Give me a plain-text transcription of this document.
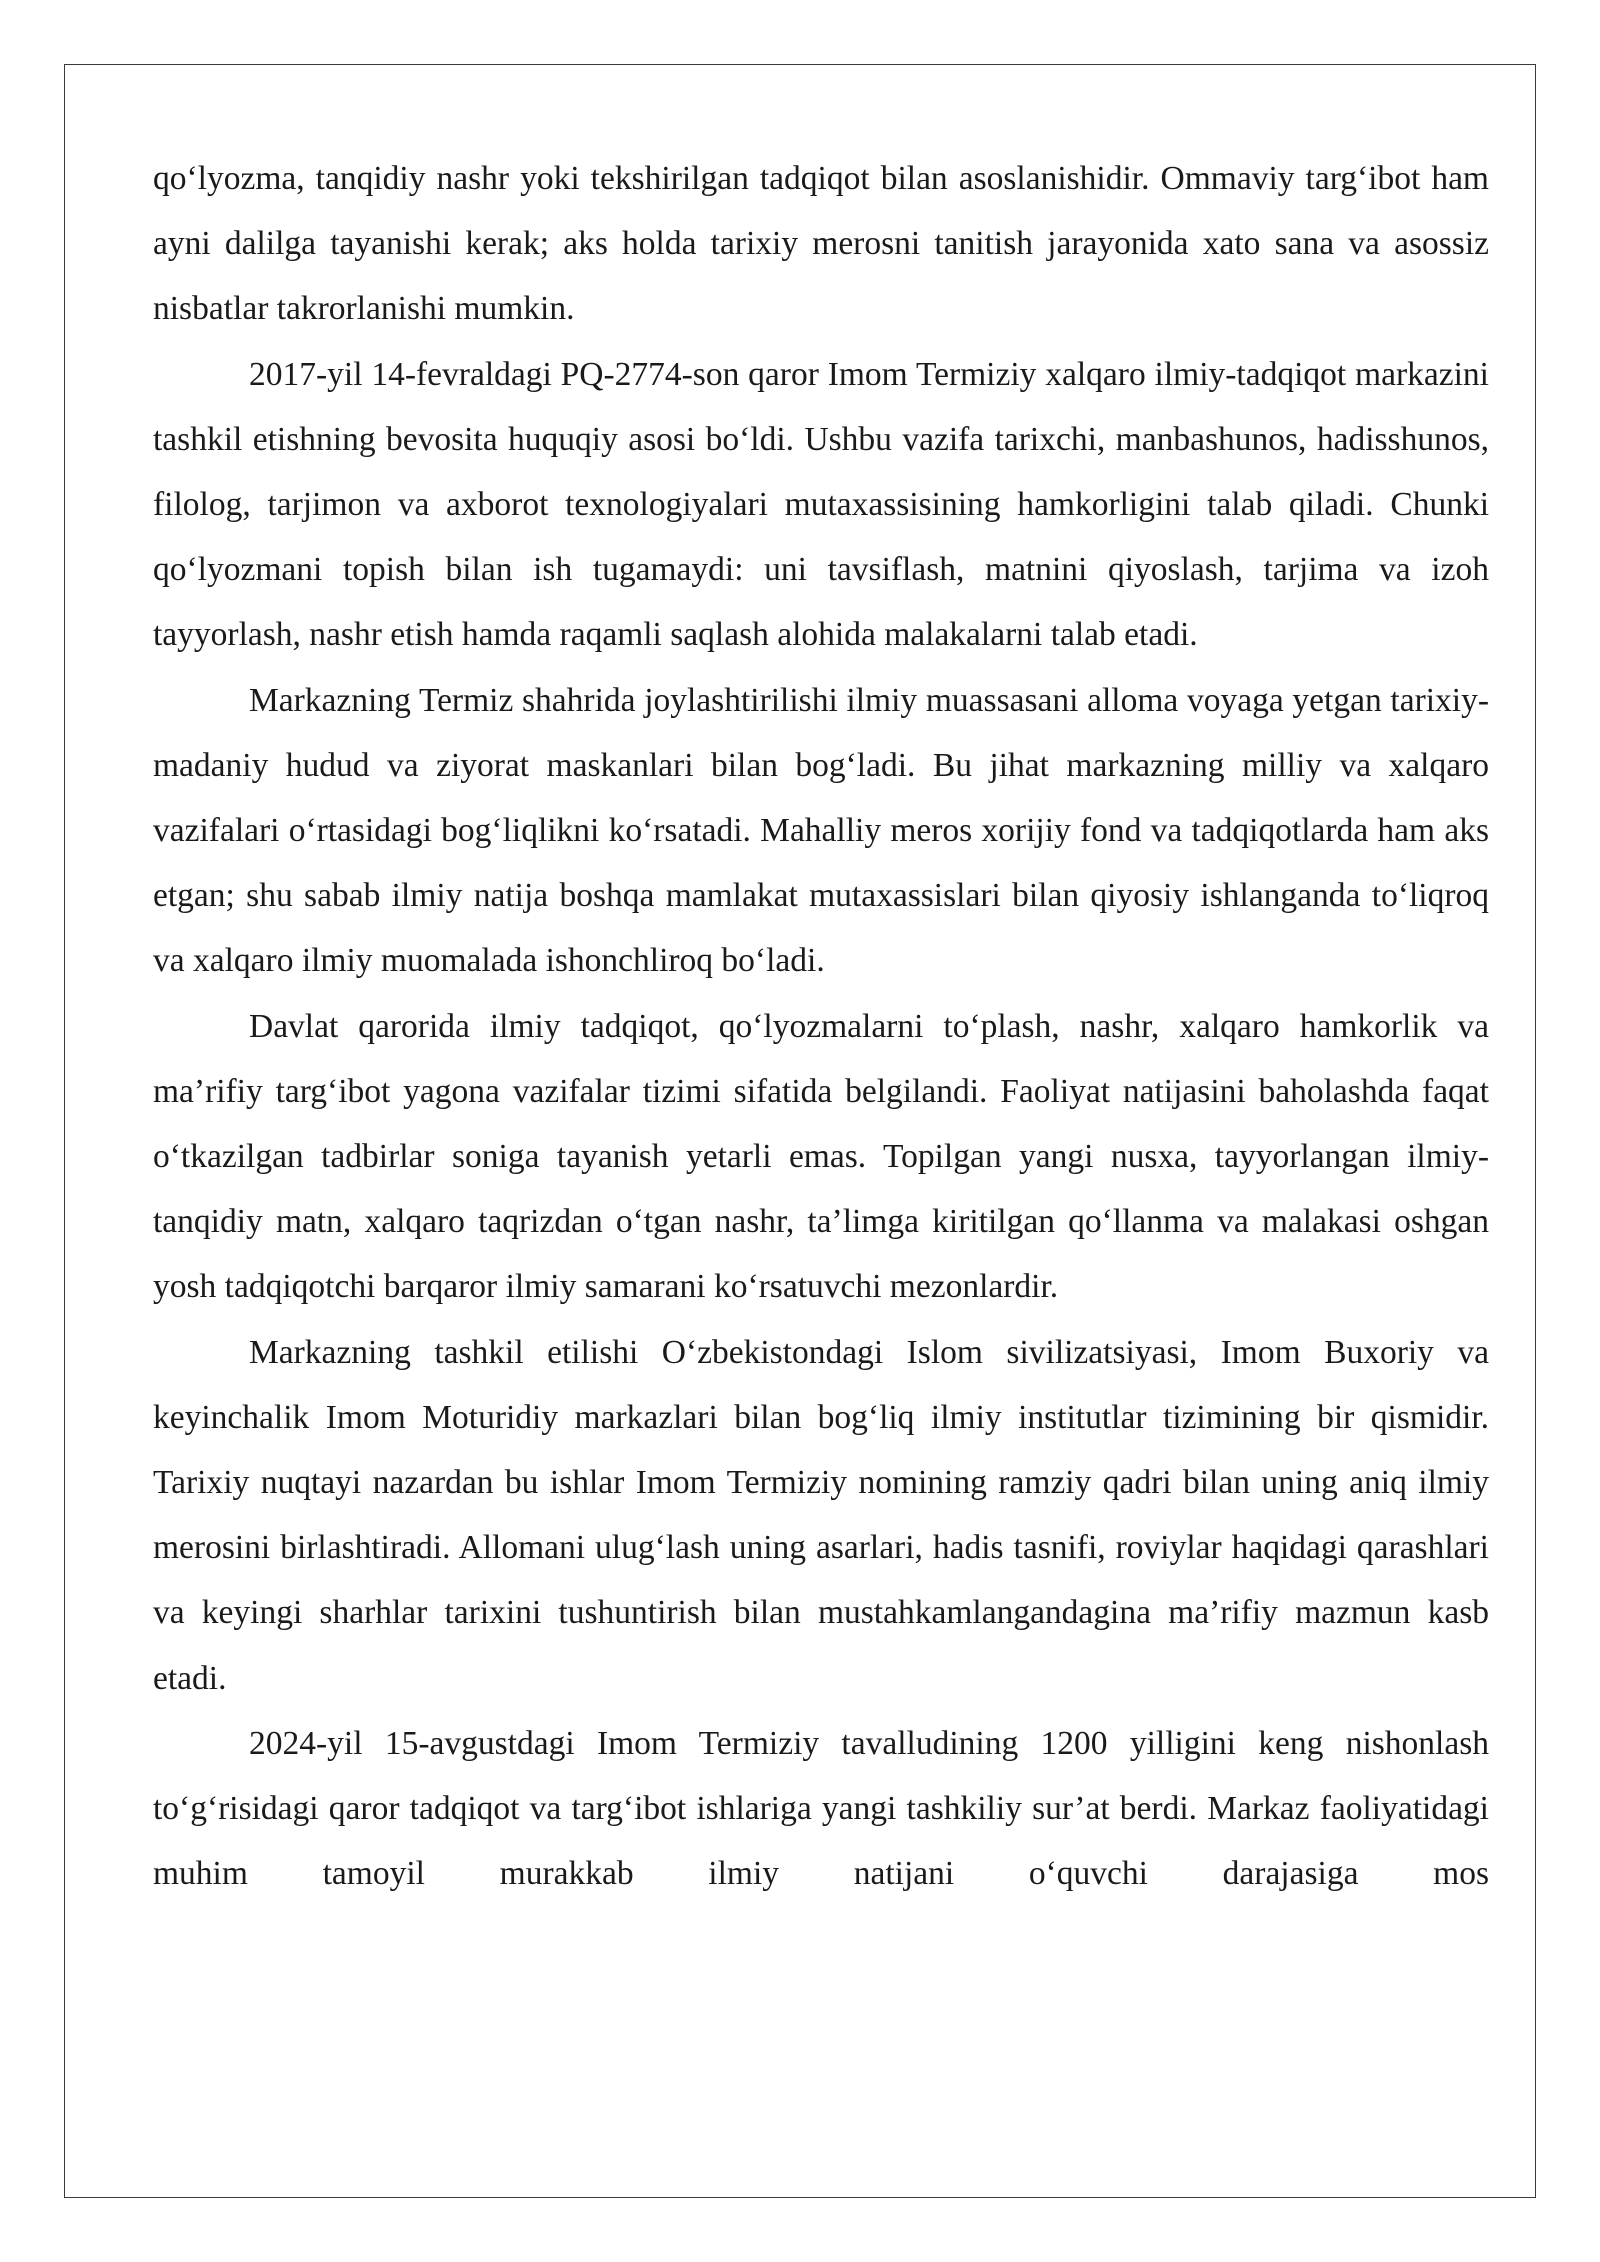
qo‘lyozma, tanqidiy nashr yoki tekshirilgan tadqiqot bilan asoslanishidir. Ommaviy targ‘ibot ham ayni dalilga tayanishi kerak; aks holda tarixiy merosni tanitish jarayonida xato sana va asossiz nisbatlar takrorlanishi mumkin.

2017-yil 14-fevraldagi PQ-2774-son qaror Imom Termiziy xalqaro ilmiy-tadqiqot markazini tashkil etishning bevosita huquqiy asosi bo‘ldi. Ushbu vazifa tarixchi, manbashunos, hadisshunos, filolog, tarjimon va axborot texnologiyalari mutaxassisining hamkorligini talab qiladi. Chunki qo‘lyozmani topish bilan ish tugamaydi: uni tavsiflash, matnini qiyoslash, tarjima va izoh tayyorlash, nashr etish hamda raqamli saqlash alohida malakalarni talab etadi.

Markazning Termiz shahrida joylashtirilishi ilmiy muassasani alloma voyaga yetgan tarixiy-madaniy hudud va ziyorat maskanlari bilan bog‘ladi. Bu jihat markazning milliy va xalqaro vazifalari o‘rtasidagi bog‘liqlikni ko‘rsatadi. Mahalliy meros xorijiy fond va tadqiqotlarda ham aks etgan; shu sabab ilmiy natija boshqa mamlakat mutaxassislari bilan qiyosiy ishlanganda to‘liqroq va xalqaro ilmiy muomalada ishonchliroq bo‘ladi.

Davlat qarorida ilmiy tadqiqot, qo‘lyozmalarni to‘plash, nashr, xalqaro hamkorlik va ma’rifiy targ‘ibot yagona vazifalar tizimi sifatida belgilandi. Faoliyat natijasini baholashda faqat o‘tkazilgan tadbirlar soniga tayanish yetarli emas. Topilgan yangi nusxa, tayyorlangan ilmiy-tanqidiy matn, xalqaro taqrizdan o‘tgan nashr, ta’limga kiritilgan qo‘llanma va malakasi oshgan yosh tadqiqotchi barqaror ilmiy samarani ko‘rsatuvchi mezonlardir.

Markazning tashkil etilishi O‘zbekistondagi Islom sivilizatsiyasi, Imom Buxoriy va keyinchalik Imom Moturidiy markazlari bilan bog‘liq ilmiy institutlar tizimining bir qismidir. Tarixiy nuqtayi nazardan bu ishlar Imom Termiziy nomining ramziy qadri bilan uning aniq ilmiy merosini birlashtiradi. Allomani ulug‘lash uning asarlari, hadis tasnifi, roviylar haqidagi qarashlari va keyingi sharhlar tarixini tushuntirish bilan mustahkamlangandagina ma’rifiy mazmun kasb etadi.

2024-yil 15-avgustdagi Imom Termiziy tavalludining 1200 yilligini keng nishonlash to‘g‘risidagi qaror tadqiqot va targ‘ibot ishlariga yangi tashkiliy sur’at berdi. Markaz faoliyatidagi muhim tamoyil murakkab ilmiy natijani o‘quvchi darajasiga mos
